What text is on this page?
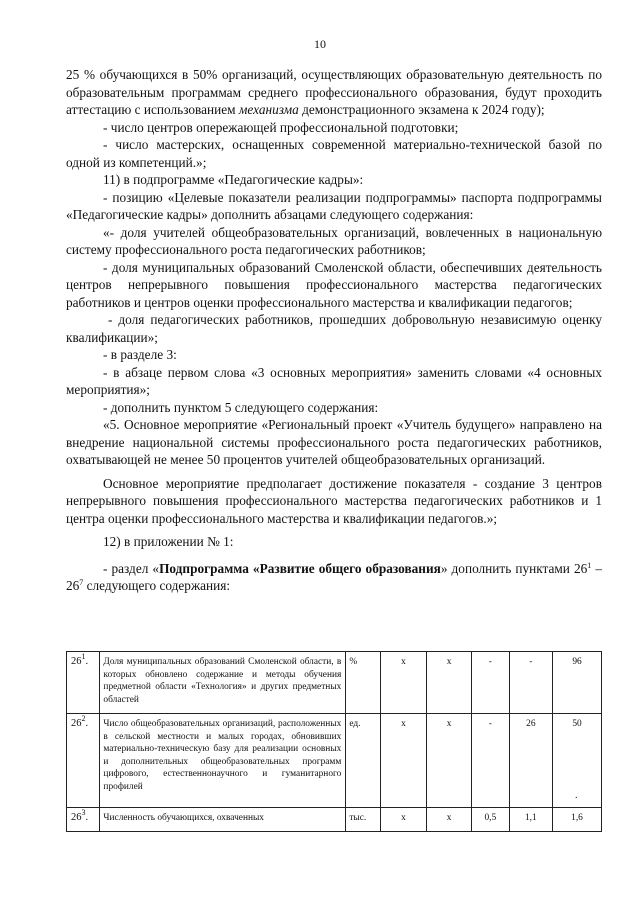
10

25 % обучающихся в 50% организаций, осуществляющих образовательную деятельность по образовательным программам среднего профессионального образования, будут проходить аттестацию с использованием механизма демонстрационного экзамена к 2024 году);

- число центров опережающей профессиональной подготовки;

- число мастерских, оснащенных современной материально-технической базой по одной из компетенций.»;

11) в подпрограмме «Педагогические кадры»:

- позицию «Целевые показатели реализации подпрограммы» паспорта подпрограммы «Педагогические кадры» дополнить абзацами следующего содержания:

«- доля учителей общеобразовательных организаций, вовлеченных в национальную систему профессионального роста педагогических работников;

- доля муниципальных образований Смоленской области, обеспечивших деятельность центров непрерывного повышения профессионального мастерства педагогических работников и центров оценки профессионального мастерства и квалификации педагогов;

- доля педагогических работников, прошедших добровольную независимую оценку квалификации»;

- в разделе 3:

- в абзаце первом слова «3 основных мероприятия» заменить словами «4 основных мероприятия»;

- дополнить пунктом 5 следующего содержания:

«5. Основное мероприятие «Региональный проект «Учитель будущего» направлено на внедрение национальной системы профессионального роста педагогических работников, охватывающей не менее 50 процентов учителей общеобразовательных организаций.

Основное мероприятие предполагает достижение показателя - создание 3 центров непрерывного повышения профессионального мастерства педагогических работников и 1 центра оценки профессионального мастерства и квалификации педагогов.»;

12) в приложении № 1:

- раздел «Подпрограмма «Развитие общего образования» дополнить пунктами $26^1 - 26^7$ следующего содержания:

$26^1$.	Доля муниципальных образований Смоленской области, в которых обновлено содержание и методы обучения предметной области «Технология» и других предметных областей	%	x	x	-	-	96
$26^2$.	Число общеобразовательных организаций, расположенных в сельской местности и малых городах, обновивших материально-техническую базу для реализации основных и дополнительных общеобразовательных программ цифрового, естественнонаучного и гуманитарного профилей	ед.	x	x	-	26	50
$26^3$.	Численность обучающихся, охваченных	тыс.	x	x	0,5	1,1	1,6
.
